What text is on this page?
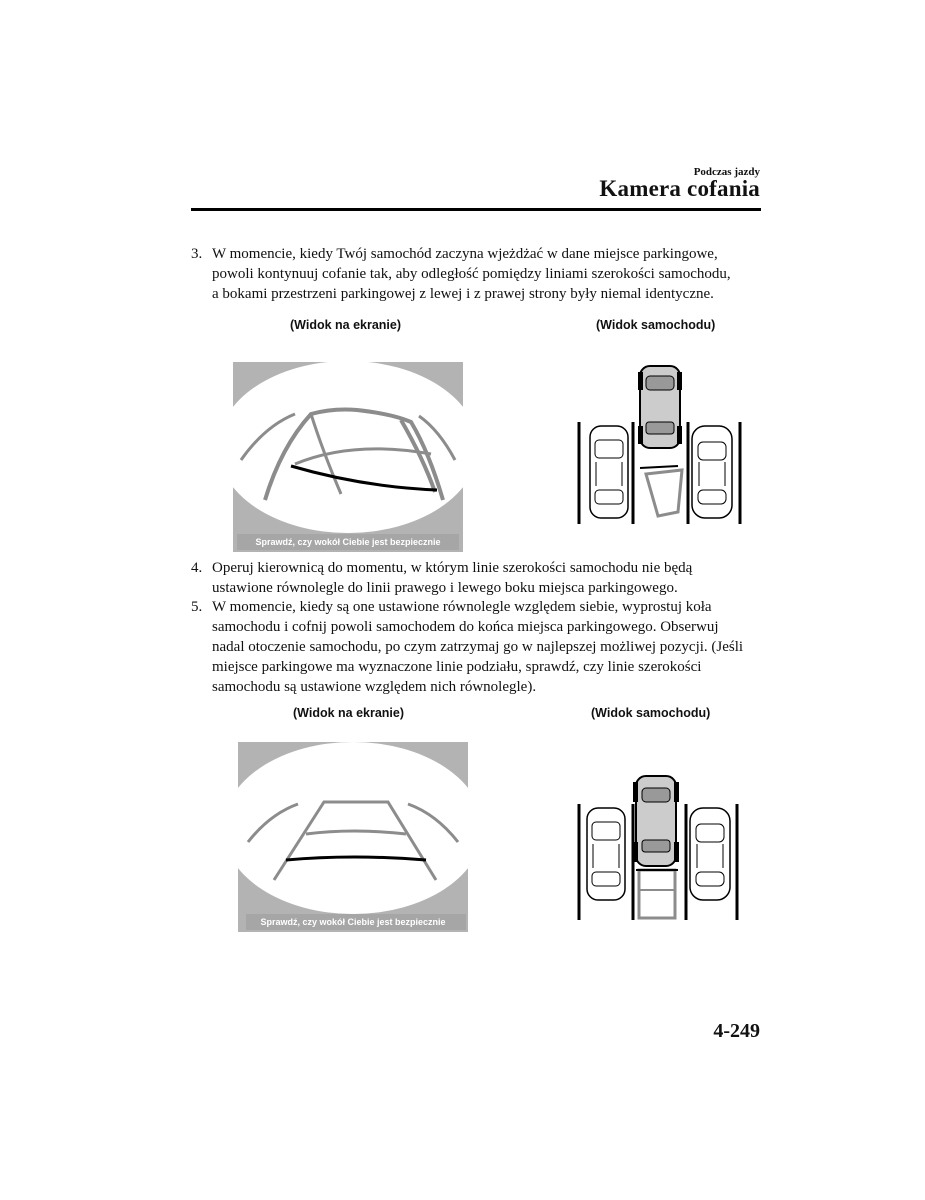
Podczas jazdy
Kamera cofania
3. W momencie, kiedy Twój samochód zaczyna wjeżdżać w dane miejsce parkingowe,
powoli kontynuuj cofanie tak, aby odległość pomiędzy liniami szerokości samochodu,
a bokami przestrzeni parkingowej z lewej i z prawej strony były niemal identyczne.
(Widok na ekranie)	(Widok samochodu)
Sprawdź, czy wokół Ciebie jest bezpiecznie
4. Operuj kierownicą do momentu, w którym linie szerokości samochodu nie będą
ustawione równolegle do linii prawego i lewego boku miejsca parkingowego.
5. W momencie, kiedy są one ustawione równolegle względem siebie, wyprostuj koła
samochodu i cofnij powoli samochodem do końca miejsca parkingowego. Obserwuj
nadal otoczenie samochodu, po czym zatrzymaj go w najlepszej możliwej pozycji. (Jeśli
miejsce parkingowe ma wyznaczone linie podziału, sprawdź, czy linie szerokości
samochodu są ustawione względem nich równolegle).
(Widok na ekranie)	(Widok samochodu)
Sprawdź, czy wokół Ciebie jest bezpiecznie
4-249
